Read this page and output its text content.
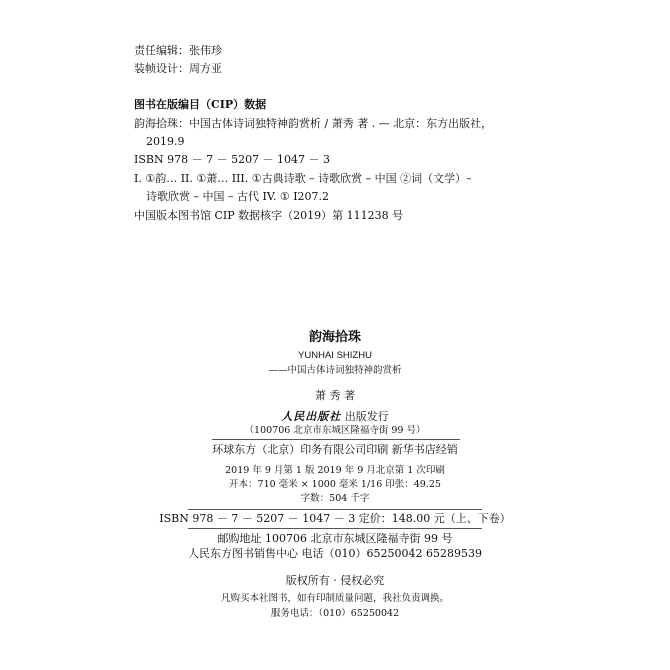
责任编辑：张伟珍
装帧设计：周方亚
图书在版编目（CIP）数据
韵海拾珠：中国古体诗词独特神韵赏析 / 萧秀 著 . — 北京：东方出版社，
2019.9
ISBN 978 － 7 － 5207 － 1047 － 3
I. ①韵… II. ①萧… III. ①古典诗歌 – 诗歌欣赏 – 中国 ②词（文学）–
诗歌欣赏 – 中国 – 古代 IV. ① I207.2
中国版本图书馆 CIP 数据核字（2019）第 111238 号
韵海拾珠
YUNHAI SHIZHU
——中国古体诗词独特神韵赏析
萧 秀 著
人民出版社 出版发行
（100706 北京市东城区隆福寺街 99 号）
环球东方（北京）印务有限公司印刷 新华书店经销
2019 年 9 月第 1 版 2019 年 9 月北京第 1 次印刷
开本：710 毫米 × 1000 毫米 1/16 印张：49.25
字数：504 千字
ISBN 978 － 7 － 5207 － 1047 － 3 定价：148.00 元（上、下卷）
邮购地址 100706 北京市东城区隆福寺街 99 号
人民东方图书销售中心 电话（010）65250042 65289539
版权所有 · 侵权必究
凡购买本社图书，如有印制质量问题，我社负责调换。
服务电话：（010）65250042
